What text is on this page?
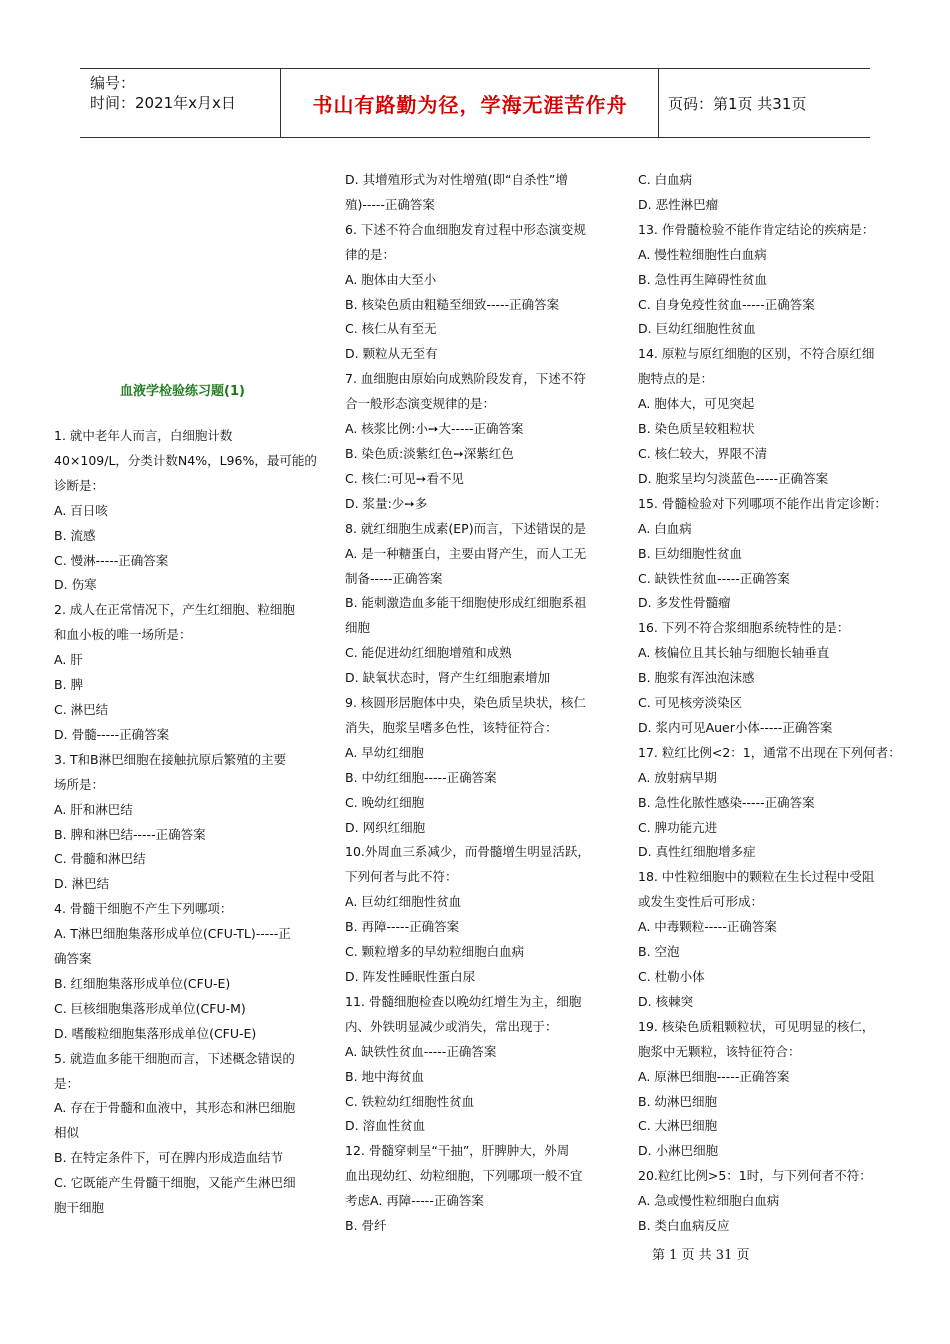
编号：
时间：2021年x月x日	书山有路勤为径，学海无涯苦作舟	页码：第1页 共31页
血液学检验练习题(1)
1. 就中老年人而言，白细胞计数
40×109/L，分类计数N4%，L96%，最可能的
诊断是：
A. 百日咳
B. 流感
C. 慢淋-----正确答案
D. 伤寒
2. 成人在正常情况下，产生红细胞、粒细胞
和血小板的唯一场所是：
A. 肝
B. 脾
C. 淋巴结
D. 骨髓-----正确答案
3. T和B淋巴细胞在接触抗原后繁殖的主要
场所是：
A. 肝和淋巴结
B. 脾和淋巴结-----正确答案
C. 骨髓和淋巴结
D. 淋巴结
4. 骨髓干细胞不产生下列哪项：
A. T淋巴细胞集落形成单位(CFU-TL)-----正
确答案
B. 红细胞集落形成单位(CFU-E)
C. 巨核细胞集落形成单位(CFU-M)
D. 嗜酸粒细胞集落形成单位(CFU-E)
5. 就造血多能干细胞而言，下述概念错误的
是：
A. 存在于骨髓和血液中，其形态和淋巴细胞
相似
B. 在特定条件下，可在脾内形成造血结节
C. 它既能产生骨髓干细胞，又能产生淋巴细
胞干细胞
D. 其增殖形式为对性增殖(即“自杀性”增
殖)-----正确答案
6. 下述不符合血细胞发育过程中形态演变规
律的是：
A. 胞体由大至小
B. 核染色质由粗糙至细致-----正确答案
C. 核仁从有至无
D. 颗粒从无至有
7. 血细胞由原始向成熟阶段发育，下述不符
合一般形态演变规律的是：
A. 核浆比例:小➙大-----正确答案
B. 染色质:淡紫红色➙深紫红色
C. 核仁:可见➙看不见
D. 浆量:少➙多
8. 就红细胞生成素(EP)而言，下述错误的是
A. 是一种糖蛋白，主要由肾产生，而人工无
制备-----正确答案
B. 能刺激造血多能干细胞使形成红细胞系祖
细胞
C. 能促进幼红细胞增殖和成熟
D. 缺氧状态时，肾产生红细胞素增加
9. 核圆形居胞体中央，染色质呈块状，核仁
消失，胞浆呈嗜多色性，该特征符合：
A. 早幼红细胞
B. 中幼红细胞-----正确答案
C. 晚幼红细胞
D. 网织红细胞
10.外周血三系减少，而骨髓增生明显活跃，
下列何者与此不符：
A. 巨幼红细胞性贫血
B. 再障-----正确答案
C. 颗粒增多的早幼粒细胞白血病
D. 阵发性睡眠性蛋白尿
11. 骨髓细胞检查以晚幼红增生为主，细胞
内、外铁明显减少或消失，常出现于：
A. 缺铁性贫血-----正确答案
B. 地中海贫血
C. 铁粒幼红细胞性贫血
D. 溶血性贫血
12. 骨髓穿刺呈“干抽”，肝脾肿大，外周
血出现幼红、幼粒细胞，下列哪项一般不宜
考虑A. 再障-----正确答案
B. 骨纤
C. 白血病
D. 恶性淋巴瘤
13. 作骨髓检验不能作肯定结论的疾病是：
A. 慢性粒细胞性白血病
B. 急性再生障碍性贫血
C. 自身免疫性贫血-----正确答案
D. 巨幼红细胞性贫血
14. 原粒与原红细胞的区别，不符合原红细
胞特点的是：
A. 胞体大，可见突起
B. 染色质呈较粗粒状
C. 核仁较大，界限不清
D. 胞浆呈均匀淡蓝色-----正确答案
15. 骨髓检验对下列哪项不能作出肯定诊断：
A. 白血病
B. 巨幼细胞性贫血
C. 缺铁性贫血-----正确答案
D. 多发性骨髓瘤
16. 下列不符合浆细胞系统特性的是：
A. 核偏位且其长轴与细胞长轴垂直
B. 胞浆有浑浊泡沫感
C. 可见核旁淡染区
D. 浆内可见Auer小体-----正确答案
17. 粒红比例<2：1，通常不出现在下列何者：
A. 放射病早期
B. 急性化脓性感染-----正确答案
C. 脾功能亢进
D. 真性红细胞增多症
18. 中性粒细胞中的颗粒在生长过程中受阻
或发生变性后可形成：
A. 中毒颗粒-----正确答案
B. 空泡
C. 杜勒小体
D. 核棘突
19. 核染色质粗颗粒状，可见明显的核仁，
胞浆中无颗粒，该特征符合：
A. 原淋巴细胞-----正确答案
B. 幼淋巴细胞
C. 大淋巴细胞
D. 小淋巴细胞
20.粒红比例>5：1时，与下列何者不符：
A. 急或慢性粒细胞白血病
B. 类白血病反应
第 1 页 共 31 页
